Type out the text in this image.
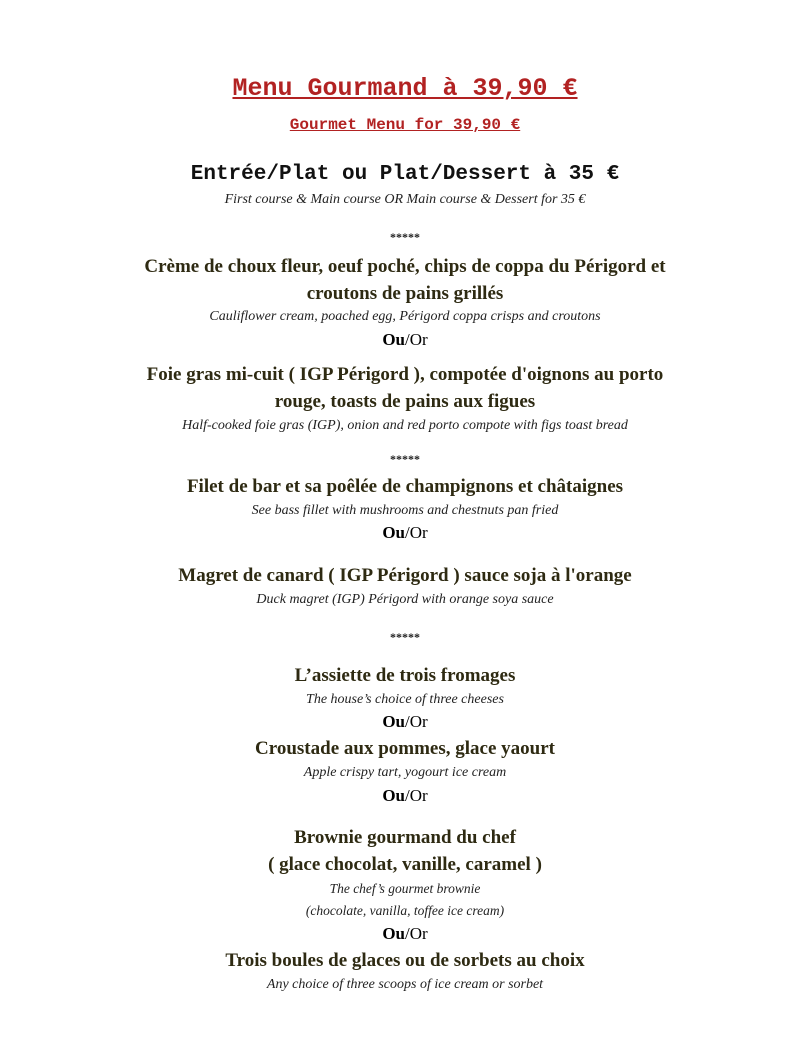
Menu Gourmand à 39,90 €
Gourmet Menu for 39,90 €
Entrée/Plat ou Plat/Dessert à 35 €
First course & Main course OR Main course & Dessert for 35 €
*****
Crème de choux fleur, oeuf poché, chips de coppa du Périgord et
croutons de pains grillés
Cauliflower cream, poached egg, Périgord coppa crisps and croutons
Ou/Or
Foie gras mi-cuit ( IGP Périgord ), compotée d'oignons au porto
rouge, toasts de pains aux figues
Half-cooked foie gras (IGP), onion and red porto compote with figs toast bread
*****
Filet de bar et sa poêlée de champignons et châtaignes
See bass fillet with mushrooms and chestnuts pan fried
Ou/Or
Magret de canard ( IGP Périgord ) sauce soja à l'orange
Duck magret (IGP) Périgord with orange soya sauce
*****
L’assiette de trois fromages
The house’s choice of three cheeses
Ou/Or
Croustade aux pommes, glace yaourt
Apple crispy tart, yogourt ice cream
Ou/Or
Brownie gourmand du chef
( glace chocolat, vanille, caramel )
The chef’s gourmet brownie
(chocolate, vanilla, toffee ice cream)
Ou/Or
Trois boules de glaces ou de sorbets au choix
Any choice of three scoops of ice cream or sorbet
